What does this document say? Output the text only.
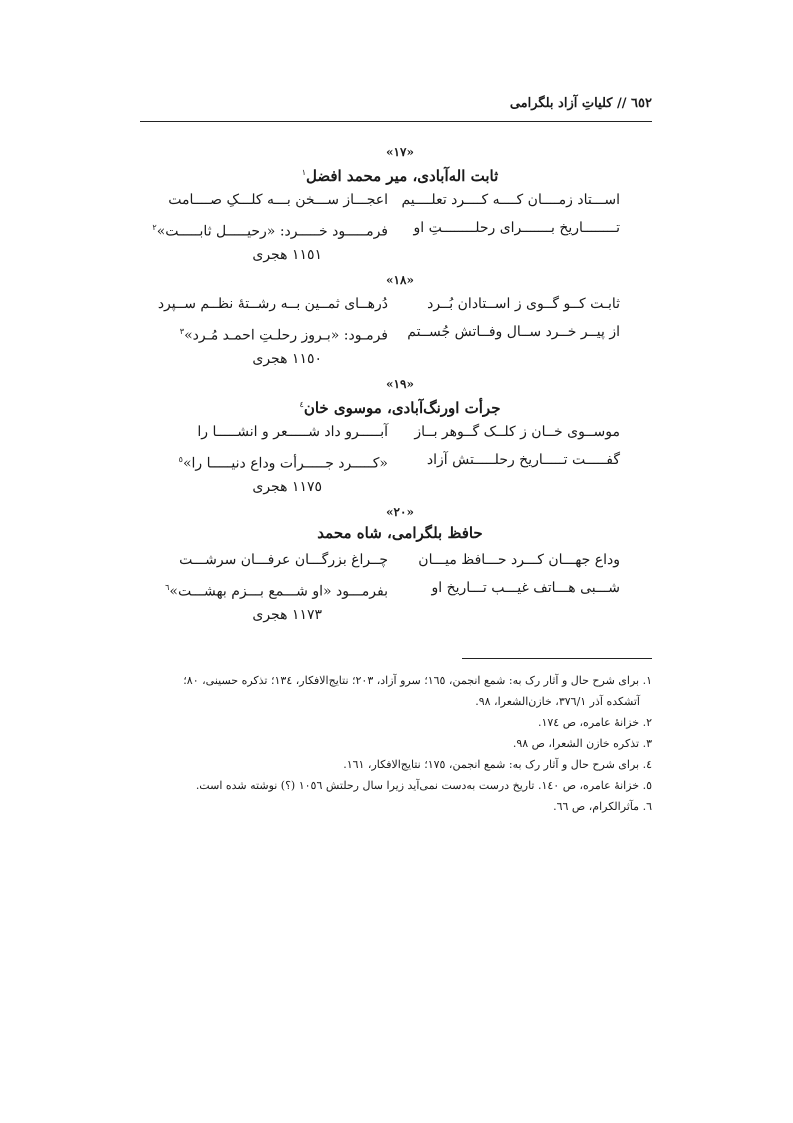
٦٥٢ // کلیاتِ آزاد بلگرامی
«١٧»
ثابت اله‌آبادی، میر محمد افضل$^١$
اســـتاد زمــــان کــــه کــــرد تعلــــیم
اعجـــاز ســـخن بـــه کلـــکِ صــــامت
تــــــــاریخ بـــــــرای رحلــــــــتِ او
فرمـــــود خـــــرد: «رحیـــــل ثابـــــت»$^٢$
١١٥١ هجری
«١٨»
ثابـت کــو گــوی ز اســتادان بُــرد
دُرهــای ثمــین بــه رشــتۀ نظــم ســپرد
از پیــر خــرد ســال وفــاتش جُســتم
فرمـود: «بـروز رحلـتِ احمـد مُـرد»$^٣$
١١٥٠ هجری
«١٩»
جرأت اورنگ‌آبادی، موسوی خان$^٤$
موســوی خــان ز کلــک گــوهر بــاز
آبـــــرو داد شـــــعر و انشـــــا را
گفـــــت تـــــاریخ رحلـــــتش آزاد
«کـــــرد جـــــرأت وداع دنیـــــا را»$^٥$
١١٧٥ هجری
«٢٠»
حافظ بلگرامی، شاه محمد
وداع جهـــان کـــرد حـــافظ میـــان
چــراغ بزرگـــان عرفـــان سرشـــت
شـــبی هـــاتف غیـــب تـــاریخ او
بفرمـــود «او شـــمع بـــزم بهشـــت»$^٦$
١١٧٣ هجری
١. برای شرح حال و آثار رک به: شمع انجمن، ١٦٥؛ سرو آزاد، ٢٠٣؛ نتایج‌الافکار، ١٣٤؛ تذکره حسینی، ٨٠؛
آتشکده آذر ٣٧٦/١، خازن‌الشعرا، ٩٨.
٢. خزانۀ عامره، ص ١٧٤.
٣. تذکره خازن الشعرا، ص ٩٨.
٤. برای شرح حال و آثار رک به: شمع انجمن، ١٧٥؛ نتایج‌الافکار، ١٦١.
٥. خزانۀ عامره، ص ١٤٠. تاریخ درست به‌دست نمی‌آید زیرا سال رحلتش ١٠٥٦ (؟) نوشته شده است.
٦. مآثرالکرام، ص ٦٦.
